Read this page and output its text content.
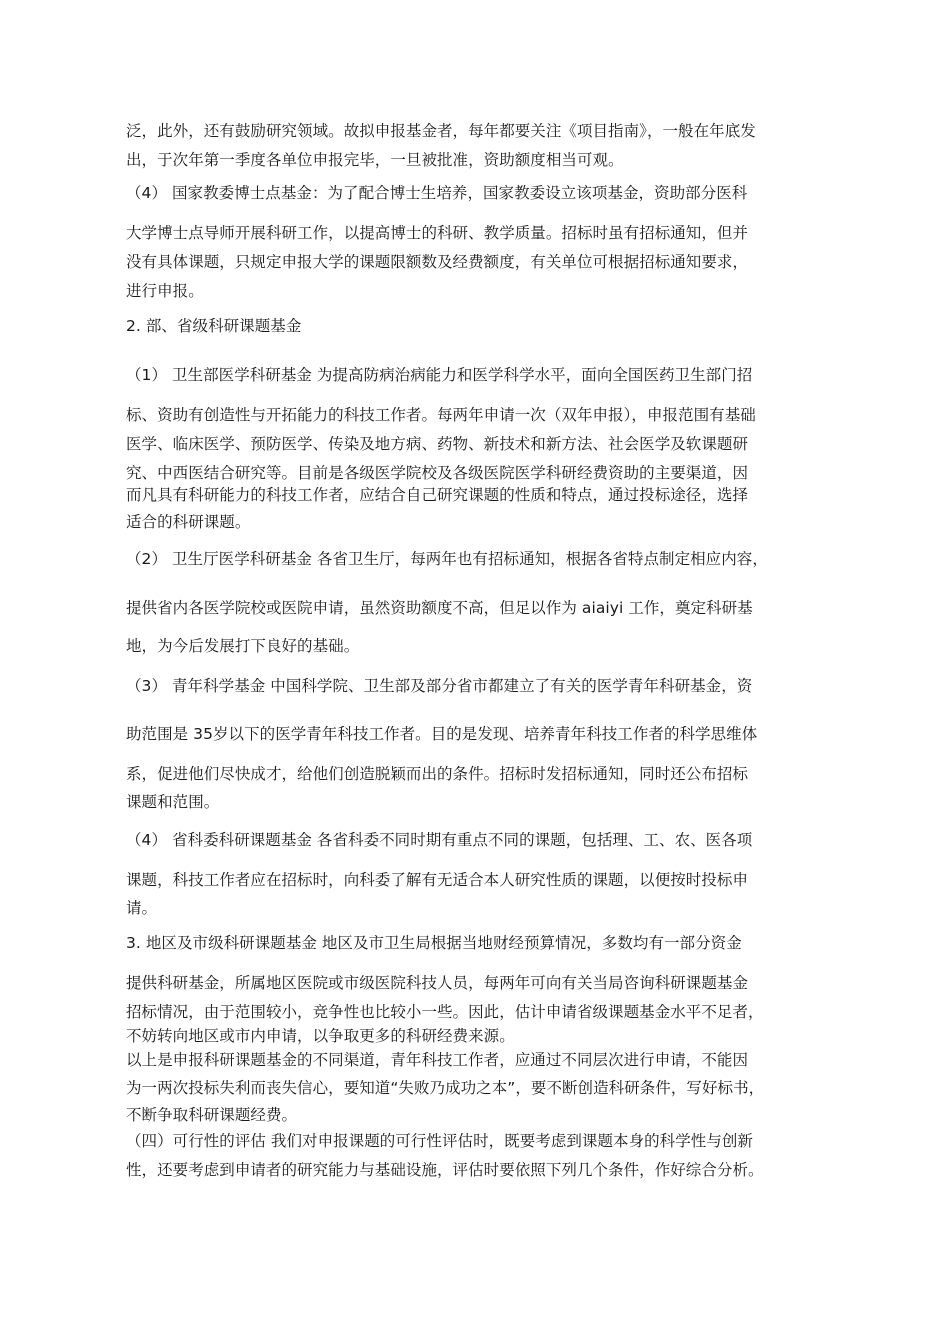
泛，此外，还有鼓励研究领域。故拟申报基金者，每年都要关注《项目指南》，一般在年底发
出，于次年第一季度各单位申报完毕，一旦被批准，资助额度相当可观。
（4） 国家教委博士点基金：为了配合博士生培养，国家教委设立该项基金，资助部分医科
大学博士点导师开展科研工作，以提高博士的科研、教学质量。招标时虽有招标通知，但并
没有具体课题，只规定申报大学的课题限额数及经费额度，有关单位可根据招标通知要求，
进行申报。
2. 部、省级科研课题基金
（1） 卫生部医学科研基金 为提高防病治病能力和医学科学水平，面向全国医药卫生部门招
标、资助有创造性与开拓能力的科技工作者。每两年申请一次（双年申报），申报范围有基础
医学、临床医学、预防医学、传染及地方病、药物、新技术和新方法、社会医学及软课题研
究、中西医结合研究等。目前是各级医学院校及各级医院医学科研经费资助的主要渠道，因
而凡具有科研能力的科技工作者，应结合自己研究课题的性质和特点，通过投标途径，选择
适合的科研课题。
（2） 卫生厅医学科研基金 各省卫生厅，每两年也有招标通知，根据各省特点制定相应内容，
提供省内各医学院校或医院申请，虽然资助额度不高，但足以作为 aiaiyi 工作，奠定科研基
地，为今后发展打下良好的基础。
（3） 青年科学基金 中国科学院、卫生部及部分省市都建立了有关的医学青年科研基金，资
助范围是 35岁以下的医学青年科技工作者。目的是发现、培养青年科技工作者的科学思维体
系，促进他们尽快成才，给他们创造脱颖而出的条件。招标时发招标通知，同时还公布招标
课题和范围。
（4） 省科委科研课题基金 各省科委不同时期有重点不同的课题，包括理、工、农、医各项
课题，科技工作者应在招标时，向科委了解有无适合本人研究性质的课题，以便按时投标申
请。
3. 地区及市级科研课题基金 地区及市卫生局根据当地财经预算情况，多数均有一部分资金
提供科研基金，所属地区医院或市级医院科技人员，每两年可向有关当局咨询科研课题基金
招标情况，由于范围较小，竞争性也比较小一些。因此，估计申请省级课题基金水平不足者，
不妨转向地区或市内申请，以争取更多的科研经费来源。
以上是申报科研课题基金的不同渠道，青年科技工作者，应通过不同层次进行申请，不能因
为一两次投标失利而丧失信心，要知道“失败乃成功之本”，要不断创造科研条件，写好标书，
不断争取科研课题经费。
（四）可行性的评估 我们对申报课题的可行性评估时，既要考虑到课题本身的科学性与创新
性，还要考虑到申请者的研究能力与基础设施，评估时要依照下列几个条件，作好综合分析。
